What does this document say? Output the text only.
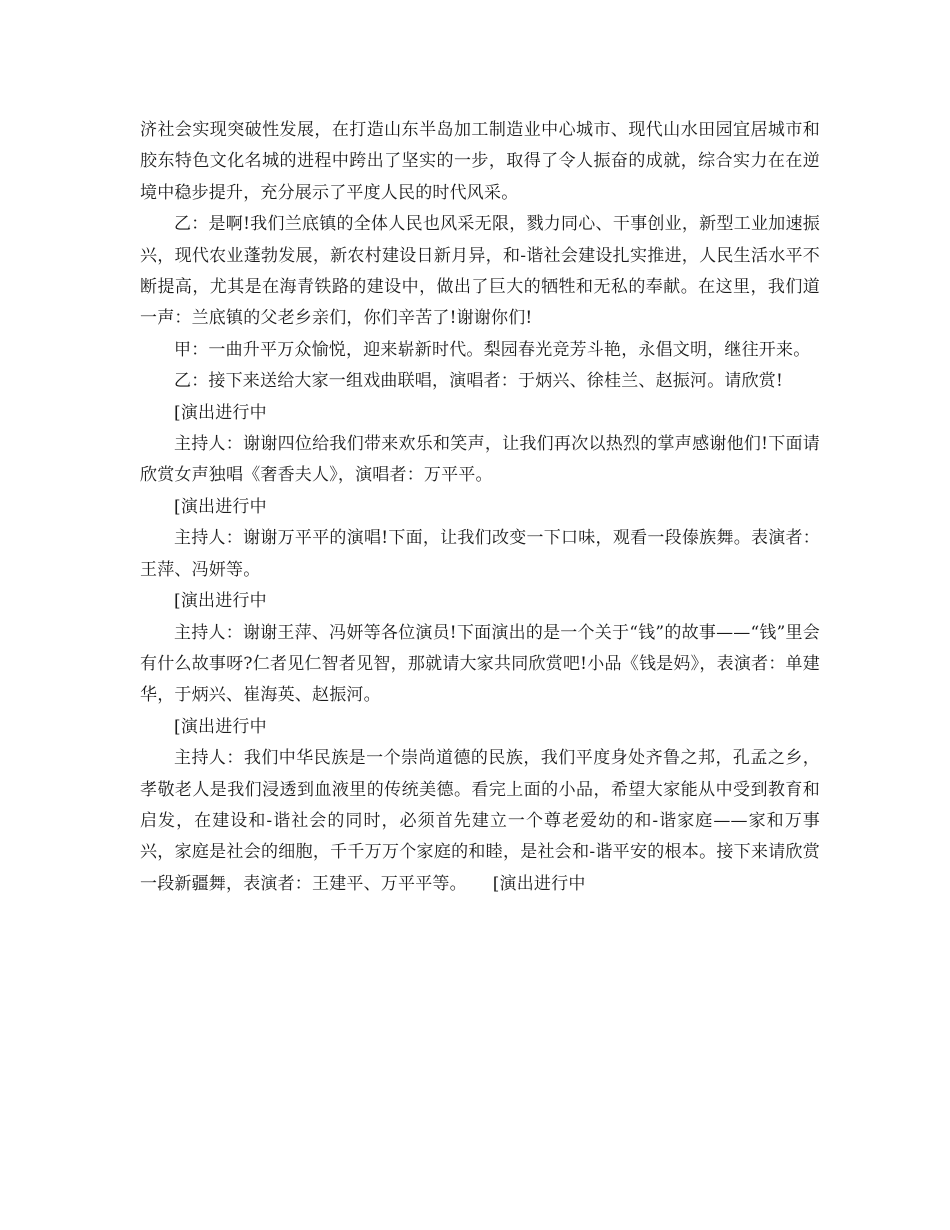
济社会实现突破性发展，在打造山东半岛加工制造业中心城市、现代山水田园宜居城市和胶东特色文化名城的进程中跨出了坚实的一步，取得了令人振奋的成就，综合实力在在逆境中稳步提升，充分展示了平度人民的时代风采。

乙：是啊!我们兰底镇的全体人民也风采无限，戮力同心、干事创业，新型工业加速振兴，现代农业蓬勃发展，新农村建设日新月异，和-谐社会建设扎实推进，人民生活水平不断提高，尤其是在海青铁路的建设中，做出了巨大的牺牲和无私的奉献。在这里，我们道一声：兰底镇的父老乡亲们，你们辛苦了!谢谢你们!

甲：一曲升平万众愉悦，迎来崭新时代。梨园春光竞芳斗艳，永倡文明，继往开来。

乙：接下来送给大家一组戏曲联唱，演唱者：于炳兴、徐桂兰、赵振河。请欣赏!

[演出进行中

主持人：谢谢四位给我们带来欢乐和笑声，让我们再次以热烈的掌声感谢他们!下面请欣赏女声独唱《奢香夫人》，演唱者：万平平。

[演出进行中

主持人：谢谢万平平的演唱!下面，让我们改变一下口味，观看一段傣族舞。表演者：王萍、冯妍等。

[演出进行中

主持人：谢谢王萍、冯妍等各位演员!下面演出的是一个关于“钱”的故事——“钱”里会有什么故事呀?仁者见仁智者见智，那就请大家共同欣赏吧!小品《钱是妈》，表演者：单建华，于炳兴、崔海英、赵振河。

[演出进行中

主持人：我们中华民族是一个崇尚道德的民族，我们平度身处齐鲁之邦，孔孟之乡，孝敬老人是我们浸透到血液里的传统美德。看完上面的小品，希望大家能从中受到教育和启发，在建设和-谐社会的同时，必须首先建立一个尊老爱幼的和-谐家庭——家和万事兴，家庭是社会的细胞，千千万万个家庭的和睦，是社会和-谐平安的根本。接下来请欣赏一段新疆舞，表演者：王建平、万平平等。　　[演出进行中
